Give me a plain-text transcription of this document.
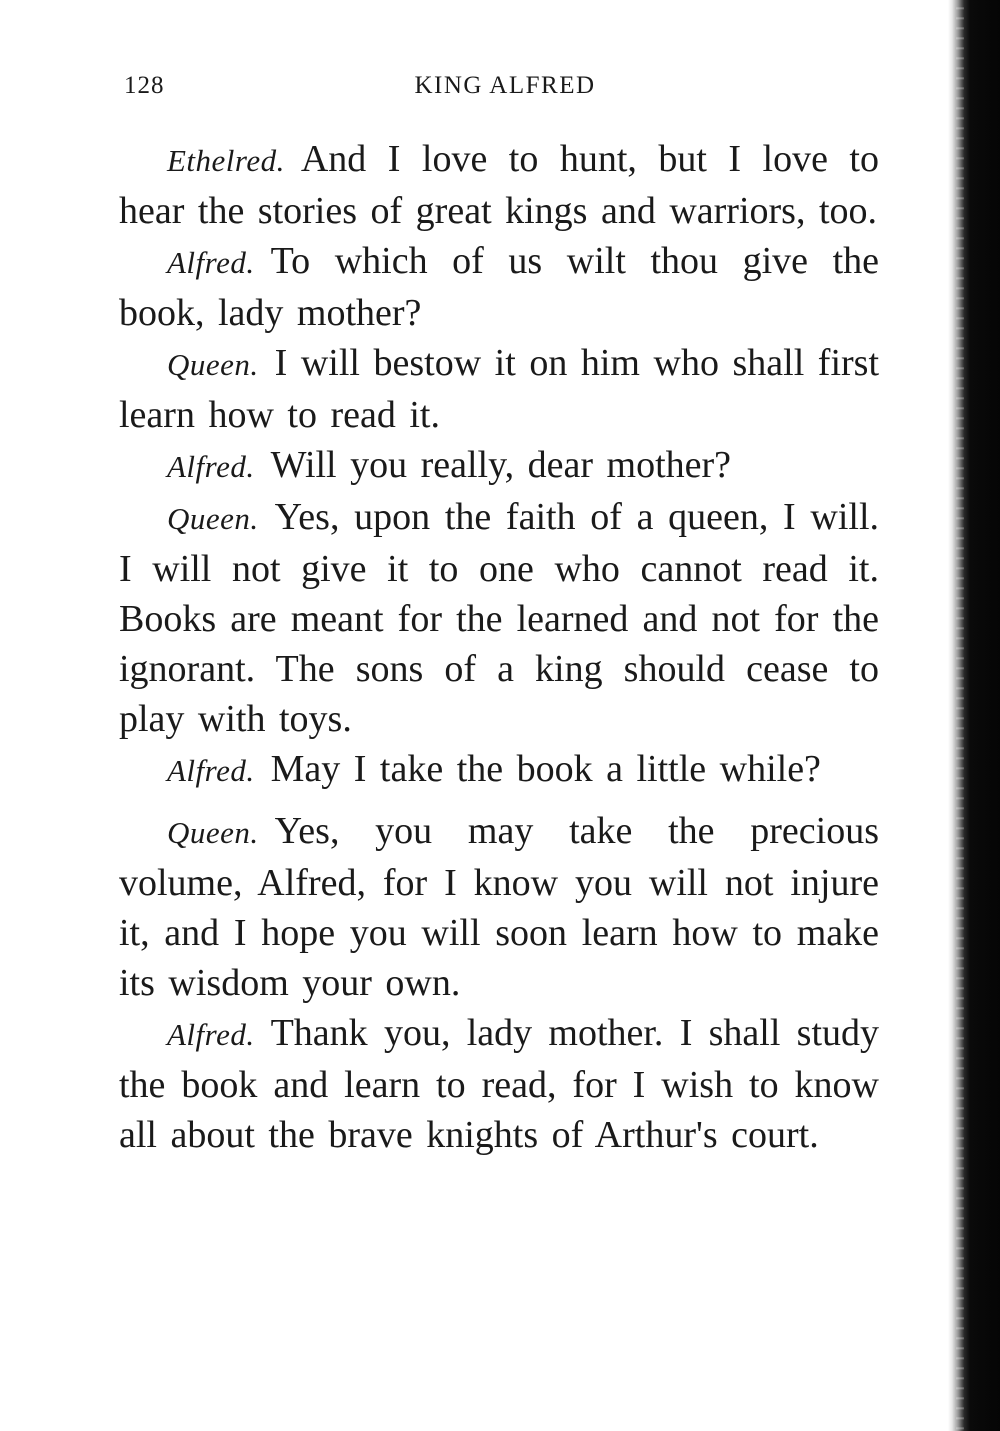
128	KING ALFRED

Ethelred. And I love to hunt, but I love to hear the stories of great kings and warriors, too.

Alfred. To which of us wilt thou give the book, lady mother?

Queen. I will bestow it on him who shall first learn how to read it.

Alfred. Will you really, dear mother?

Queen. Yes, upon the faith of a queen, I will. I will not give it to one who cannot read it. Books are meant for the learned and not for the ignorant. The sons of a king should cease to play with toys.

Alfred. May I take the book a little while?

Queen. Yes, you may take the precious volume, Alfred, for I know you will not injure it, and I hope you will soon learn how to make its wisdom your own.

Alfred. Thank you, lady mother. I shall study the book and learn to read, for I wish to know all about the brave knights of Arthur's court.
